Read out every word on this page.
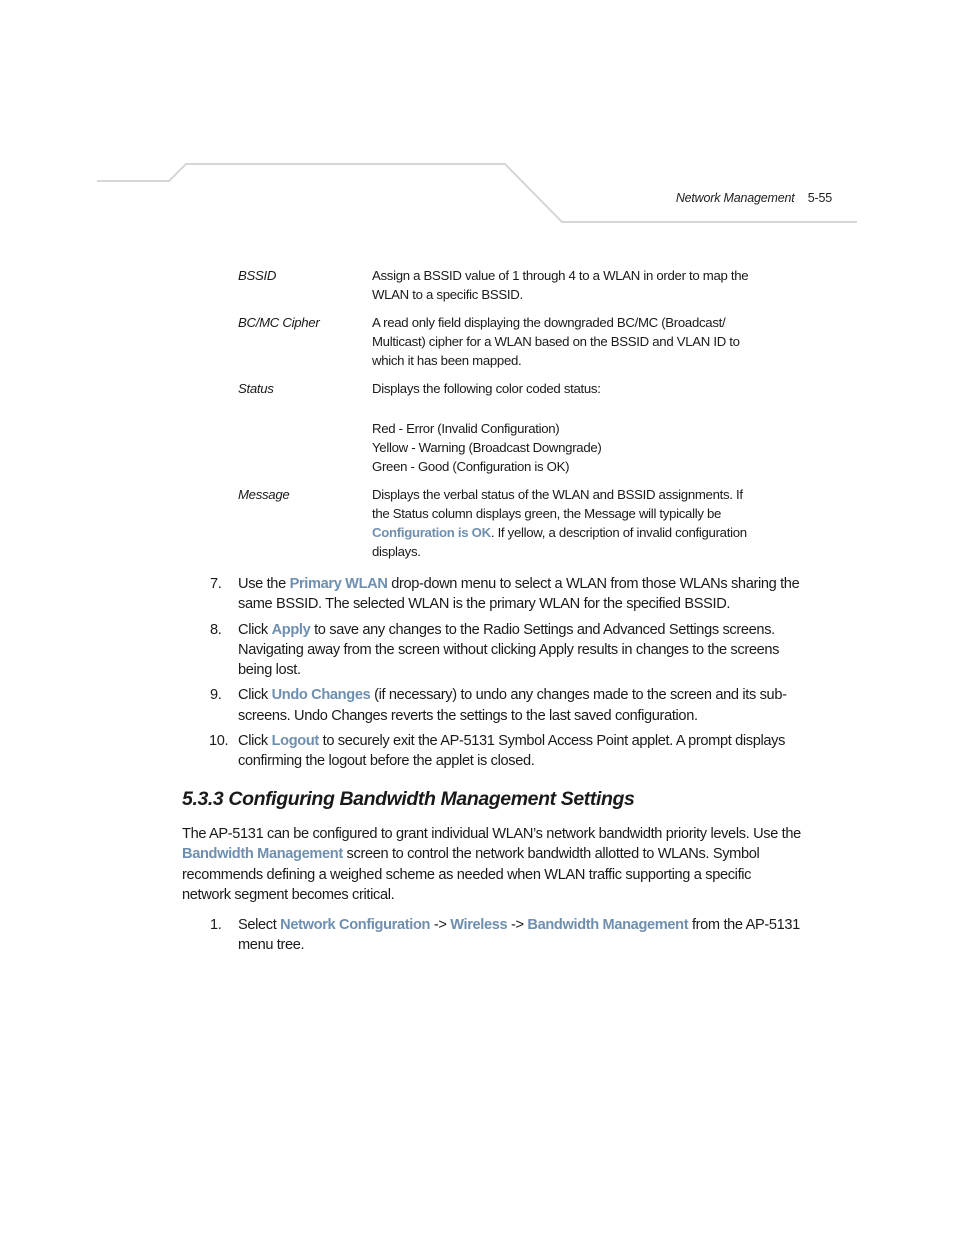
Network Management 5-55
BSSID	Assign a BSSID value of 1 through 4 to a WLAN in order to map the WLAN to a specific BSSID.
BC/MC Cipher	A read only field displaying the downgraded BC/MC (Broadcast/ Multicast) cipher for a WLAN based on the BSSID and VLAN ID to which it has been mapped.
Status	Displays the following color coded status:

Red - Error (Invalid Configuration)

Yellow - Warning (Broadcast Downgrade)

Green - Good (Configuration is OK)

Message	Displays the verbal status of the WLAN and BSSID assignments. If the Status column displays green, the Message will typically be Configuration is OK. If yellow, a description of invalid configuration displays.
7.	Use the Primary WLAN drop-down menu to select a WLAN from those WLANs sharing the same BSSID. The selected WLAN is the primary WLAN for the specified BSSID.
8.	Click Apply to save any changes to the Radio Settings and Advanced Settings screens. Navigating away from the screen without clicking Apply results in changes to the screens being lost.
9.	Click Undo Changes (if necessary) to undo any changes made to the screen and its sub-screens. Undo Changes reverts the settings to the last saved configuration.
10. Click Logout to securely exit the AP-5131 Symbol Access Point applet. A prompt displays confirming the logout before the applet is closed.
5.3.3 Configuring Bandwidth Management Settings

The AP-5131 can be configured to grant individual WLAN’s network bandwidth priority levels. Use the Bandwidth Management screen to control the network bandwidth allotted to WLANs. Symbol recommends defining a weighed scheme as needed when WLAN traffic supporting a specific network segment becomes critical.

1.	Select Network Configuration -> Wireless -> Bandwidth Management from the AP-5131 menu tree.
